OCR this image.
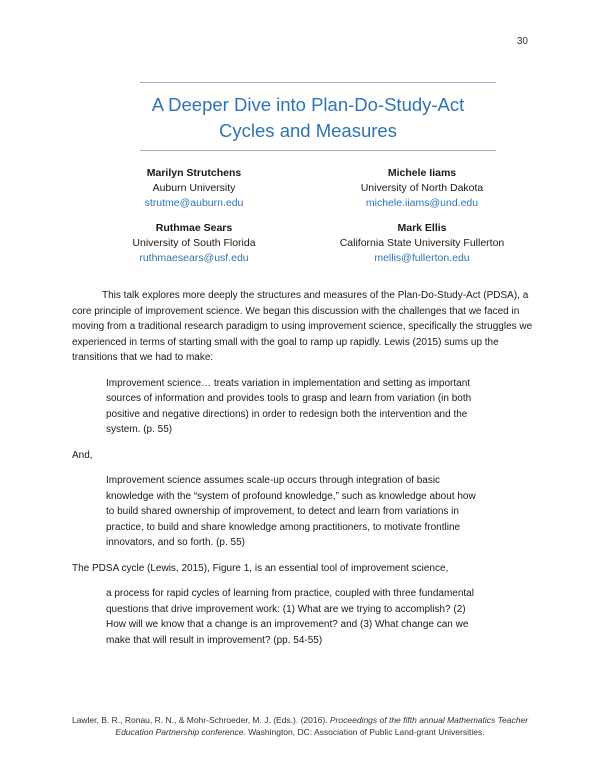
30
A Deeper Dive into Plan-Do-Study-Act
Cycles and Measures
Marilyn Strutchens
Auburn University
strutme@auburn.edu
Michele Iiams
University of North Dakota
michele.iiams@und.edu
Ruthmae Sears
University of South Florida
ruthmaesears@usf.edu
Mark Ellis
California State University Fullerton
mellis@fullerton.edu

This talk explores more deeply the structures and measures of the Plan-Do-Study-Act (PDSA), a core principle of improvement science. We began this discussion with the challenges that we faced in moving from a traditional research paradigm to using improvement science, specifically the struggles we experienced in terms of starting small with the goal to ramp up rapidly. Lewis (2015) sums up the transitions that we had to make:

Improvement science… treats variation in implementation and setting as important sources of information and provides tools to grasp and learn from variation (in both positive and negative directions) in order to redesign both the intervention and the system. (p. 55)

And,

Improvement science assumes scale-up occurs through integration of basic knowledge with the “system of profound knowledge,” such as knowledge about how to build shared ownership of improvement, to detect and learn from variations in practice, to build and share knowledge among practitioners, to motivate frontline innovators, and so forth. (p. 55)

The PDSA cycle (Lewis, 2015), Figure 1, is an essential tool of improvement science,

a process for rapid cycles of learning from practice, coupled with three fundamental questions that drive improvement work: (1) What are we trying to accomplish? (2) How will we know that a change is an improvement? and (3) What change can we make that will result in improvement? (pp. 54-55)

Lawler, B. R., Ronau, R. N., & Mohr-Schroeder, M. J. (Eds.). (2016). Proceedings of the fifth annual Mathematics Teacher Education Partnership conference. Washington, DC: Association of Public Land-grant Universities.
